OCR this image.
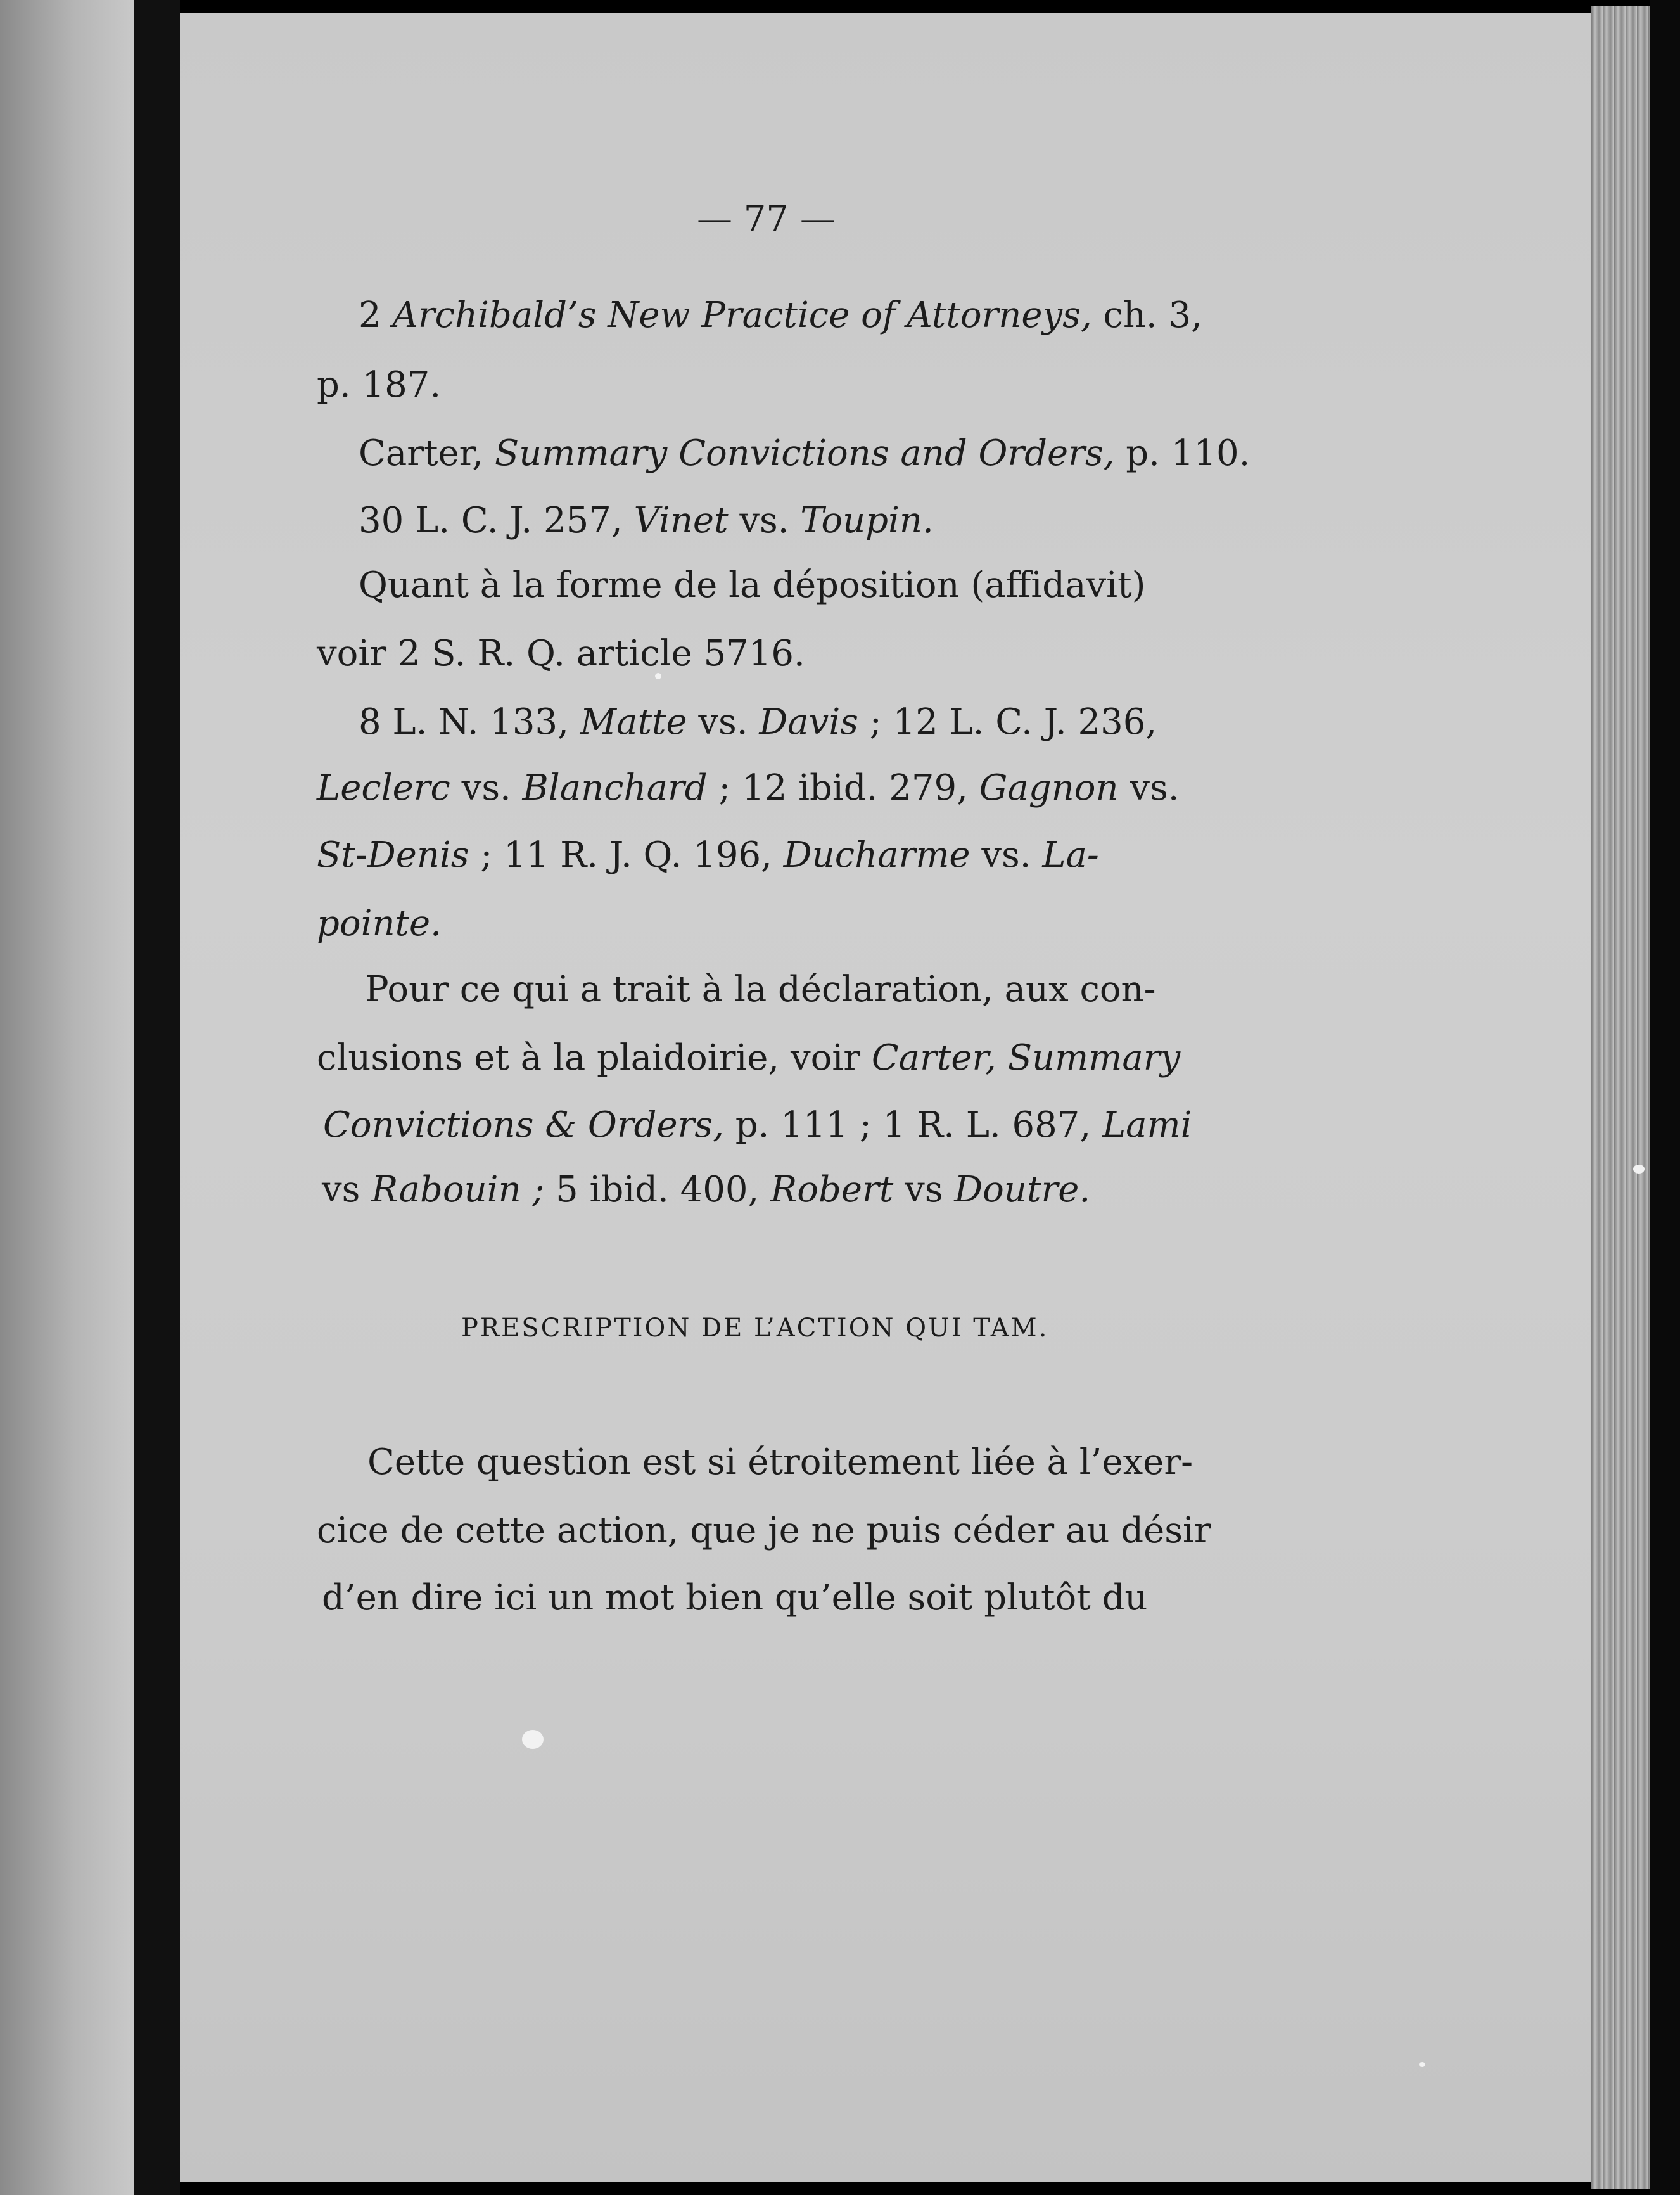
— 77 —
2 Archibald’s New Practice of Attorneys, ch. 3,
p. 187.
Carter, Summary Convictions and Orders, p. 110.
30 L. C. J. 257, Vinet vs. Toupin.
Quant à la forme de la déposition (affidavit)
voir 2 S. R. Q. article 5716.
8 L. N. 133, Matte vs. Davis ; 12 L. C. J. 236,
Leclerc vs. Blanchard ; 12 ibid. 279, Gagnon vs.
St-Denis ; 11 R. J. Q. 196, Ducharme vs. La-
pointe.
Pour ce qui a trait à la déclaration, aux con-
clusions et à la plaidoirie, voir Carter, Summary
Convictions & Orders, p. 111 ; 1 R. L. 687, Lami
vs Rabouin ; 5 ibid. 400, Robert vs Doutre.
PRESCRIPTION DE L’ACTION QUI TAM.
Cette question est si étroitement liée à l’exer-
cice de cette action, que je ne puis céder au désir
d’en dire ici un mot bien qu’elle soit plutôt du
